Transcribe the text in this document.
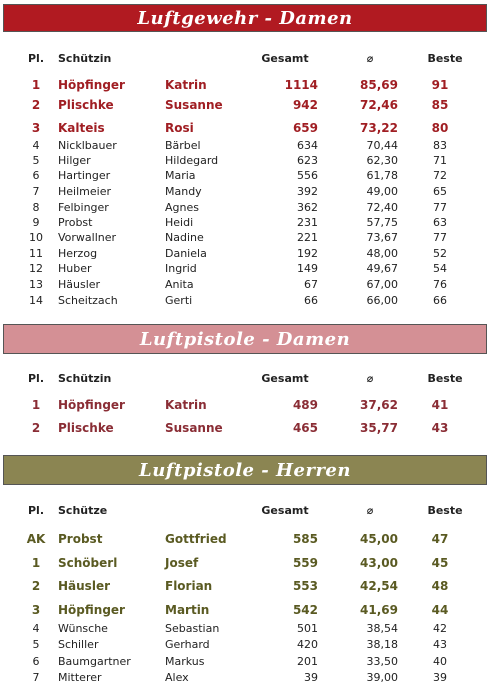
Luftgewehr - Damen
Pl.	Schützin	Gesamt	⌀	Beste
1	Höpfinger	Katrin	1114	85,69	91
2	Plischke	Susanne	942	72,46	85
3	Kalteis	Rosi	659	73,22	80
4	Nicklbauer	Bärbel	634	70,44	83
5	Hilger	Hildegard	623	62,30	71
6	Hartinger	Maria	556	61,78	72
7	Heilmeier	Mandy	392	49,00	65
8	Felbinger	Agnes	362	72,40	77
9	Probst	Heidi	231	57,75	63
10	Vorwallner	Nadine	221	73,67	77
11	Herzog	Daniela	192	48,00	52
12	Huber	Ingrid	149	49,67	54
13	Häusler	Anita	67	67,00	76
14	Scheitzach	Gerti	66	66,00	66
Luftpistole - Damen
Pl.	Schützin	Gesamt	⌀	Beste
1	Höpfinger	Katrin	489	37,62	41
2	Plischke	Susanne	465	35,77	43
Luftpistole - Herren
Pl.	Schütze	Gesamt	⌀	Beste
AK Probst	Gottfried	585	45,00	47
1	Schöberl	Josef	559	43,00	45
2	Häusler	Florian	553	42,54	48
3	Höpfinger	Martin	542	41,69	44
4	Wünsche	Sebastian	501	38,54	42
5	Schiller	Gerhard	420	38,18	43
6	Baumgartner	Markus	201	33,50	40
7	Mitterer	Alex	39	39,00	39
